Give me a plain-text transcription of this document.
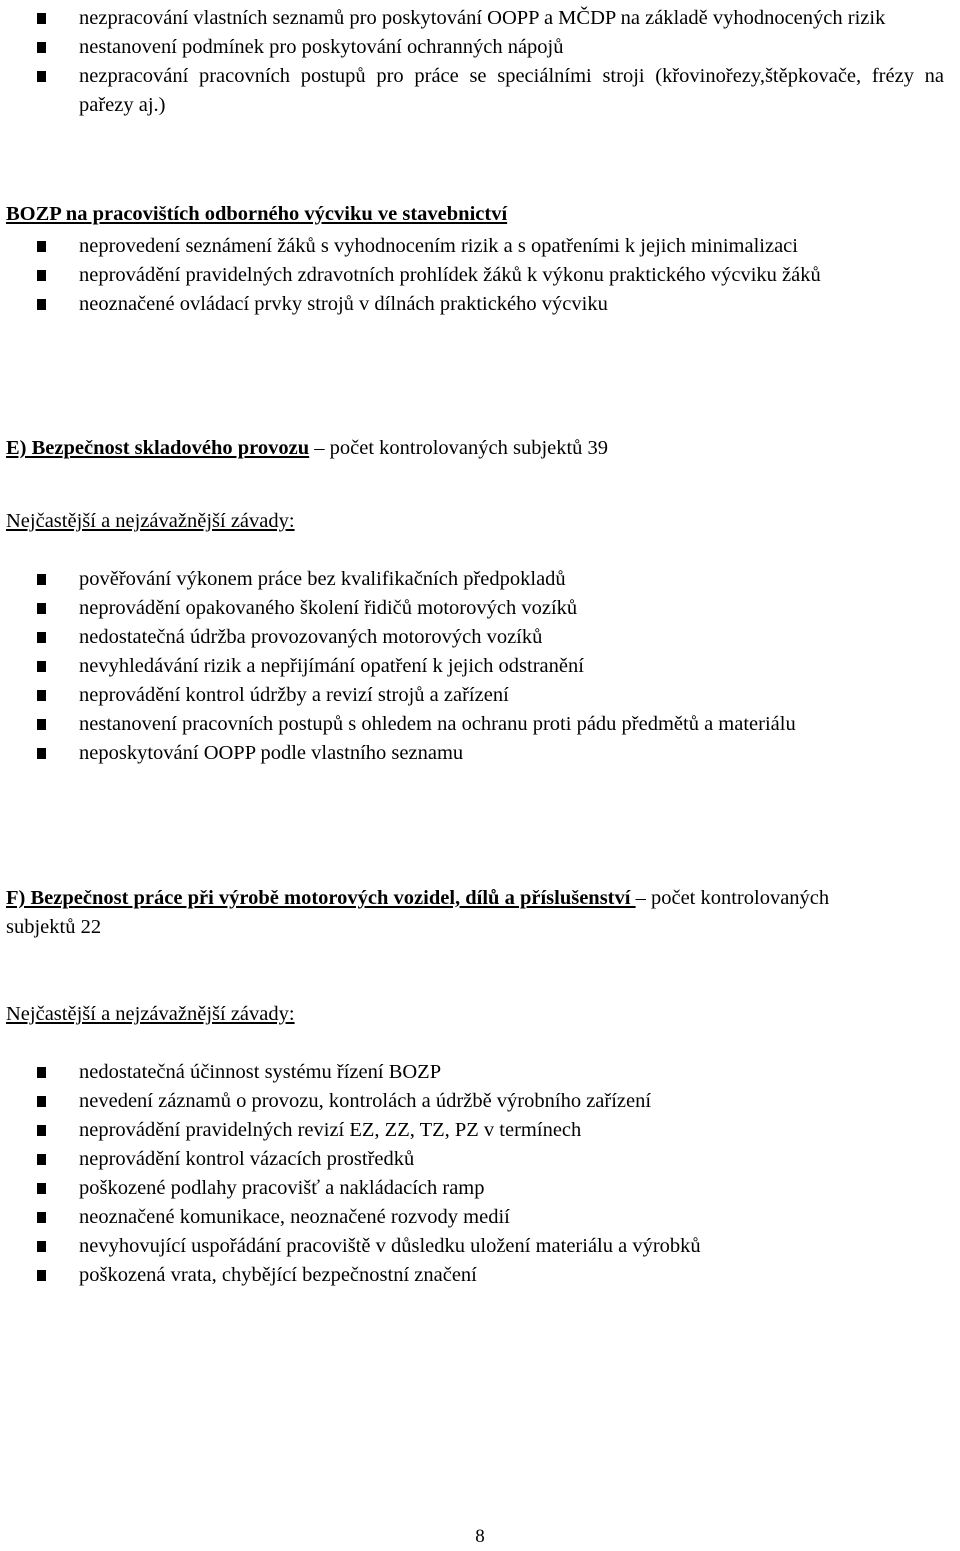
nezpracování vlastních seznamů pro poskytování OOPP a MČDP na základě vyhodnocených rizik
nestanovení podmínek pro poskytování ochranných nápojů
nezpracování pracovních postupů pro práce se speciálními stroji (křovinořezy,štěpkovače, frézy na pařezy aj.)
BOZP na pracovištích odborného výcviku ve stavebnictví
neprovedení seznámení žáků s vyhodnocením rizik a s opatřeními k jejich minimalizaci
neprovádění pravidelných zdravotních prohlídek žáků k výkonu praktického výcviku žáků
neoznačené ovládací prvky strojů v dílnách praktického výcviku
E) Bezpečnost skladového provozu – počet kontrolovaných subjektů 39
Nejčastější a nejzávažnější závady:
pověřování výkonem práce bez kvalifikačních předpokladů
neprovádění opakovaného školení řidičů motorových vozíků
nedostatečná údržba provozovaných motorových vozíků
nevyhledávání rizik a nepřijímání opatření k jejich odstranění
neprovádění kontrol údržby a revizí strojů a zařízení
nestanovení pracovních postupů s ohledem na ochranu proti pádu předmětů a materiálu
neposkytování OOPP podle vlastního seznamu
F) Bezpečnost práce při výrobě motorových vozidel, dílů a příslušenství – počet kontrolovaných subjektů 22
Nejčastější a nejzávažnější závady:
nedostatečná účinnost systému řízení BOZP
nevedení záznamů o provozu, kontrolách a údržbě výrobního zařízení
neprovádění pravidelných revizí EZ, ZZ, TZ, PZ v termínech
neprovádění kontrol vázacích prostředků
poškozené podlahy pracovišť a nakládacích ramp
neoznačené komunikace, neoznačené rozvody medií
nevyhovující uspořádání pracoviště v důsledku uložení materiálu a výrobků
poškozená vrata, chybějící bezpečnostní značení
8
